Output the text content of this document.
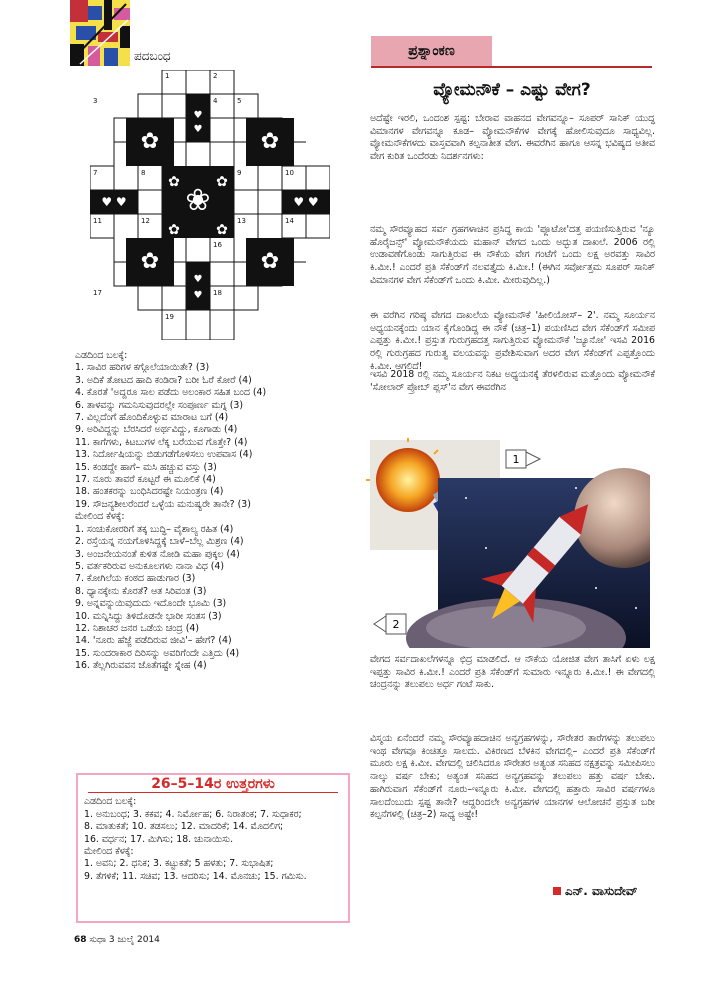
ಪದಬಂಧ
♥
♥
✿	✿
❀
✿	✿
✿	✿
♥ ♥	♥ ♥
✿	✿
♥
♥
1	2
3	4	5
6
7	8	9	10
11	12	13	14
15	16
17	18
19
ಎಡದಿಂದ ಬಲಕ್ಕೆ:
1. ಸಾವಿರ ಹರಿಗಳ ಕಗ್ಗೊಲೆಯಾಯಿತೇ? (3)
3. ಅದಿಕೆ ತೋಟದ ಹಾದಿ ಕಂಡಿರಾ? ಬರೀ ಓರೆ ಕೋರೆ (4)
4. ಕೊರತೆ 'ಅದ್ದರೂ ಸಾಲ ಪಡೆದು ಅಲಂಕಾರ ಸಹಿತ ಬಂದ (4)
6. ತಾಳವನ್ನು ಗಮನಿಸುವುದರಲ್ಲೇ ಸಂಪೂರ್ಣ ಮಗ್ನ (3)
7. ವಿಲ್ಲದೆಂಗೆ ಹೊಂದಿಕೊಳ್ಳುವ ಮಾರಾಟ ಬಗೆ (4)
9. ಅರಿವಿದ್ದನ್ನು ಬೆರಸಿದರೆ ಅರ್ಥವಿದ್ದು, ಕೂಗಾಡು (4)
11. ಕಾಗೆಗಳು, ಕಿಟಬುಗಳ ಲೆಕ್ಕ ಬರೆಯುವ ಗೊತ್ತೇ? (4)
13. ನಿರ್ದೋಷಿಯನ್ನು ಬಿಡುಗಡೆಗೊಳಿಸಲು ಉಪವಾಸ (4)
15. ಕಂಡದ್ದೇ ಹಾಗೆ– ಮಸಿ ಹಚ್ಚುವ ವಸ್ತು (3)
17. ನೂರು ತಾವರೆ ಕೂಟ್ಟರೆ ಈ ಮೂಲಿಕೆ (4)
18. ಹಂತಕರನ್ನು ಬಂಧಿಸಿದರಷ್ಟೇ ನಿಯಂತ್ರಣ (4)
19. ಸೌಜನ್ಯಶೀಲರೆಂದರೆ ಒಳ್ಳೆಯ ಮನುಷ್ಯರೇ ತಾನೇ? (3)
ಮೇಲಿಂದ ಕೆಳಕ್ಕೆ:
1. ಸಂಚುಕೋರರಿಗೆ ತಕ್ಕ ಬುದ್ಧಿ– ವೈಶಾಲ್ಯ ರಹಿತ (4)
2. ರಸ್ತೆಯನ್ನ ನಯಗೊಳಿಸಿದ್ದಕ್ಕೆ ಬಾಳೆ–ಬೆಲ್ಲ ಮಿಶ್ರಣ (4)
3. ಅಂಜನೇಯನಂತೆ ಕುಳಿತ ನೋಡಿ ಮಹಾ ಪುಕ್ಕಲ (4)
5. ವರ್ತಕರಿರುವ ಅನುಕೂಲಗಳು ನಾನಾ ವಿಧ (4)
7. ಕೋಗಿಲೆಯ ಕಂಠದ ಹಾಡುಗಾರ (3)
8. ಧ್ಯಾನಕ್ಕೇನು ಕೊರತೆ? ಆತ ಸಿರಿವಂತ (3)
9. ಅನ್ನವನ್ನುಯಿವುದುದು ಇದೊಂದೇ ಭೂಮಿ (3)
10. ಮನ್ನಿಸಿದ್ದು ತಿಳಿದೊಡನೇ ಭಾರೀ ಸಂತಸ (3)
12. ನಿಶಾಚರ ಜನರ ಒಡೆಯ ಚಂದ್ರ (4)
14. 'ನೂರು ಹೆಜ್ಜೆ ಪಡೆದಿರುವ ಜೀವಿ'– ಹೇಗೆ? (4)
15. ಸುಂದರಾಕಾರ ದಿರಿಸನ್ನು ಅವರಿಗೆಂದೇ ಎತ್ತಿದು (4)
16. ತೆಲ್ಲಗಿರುವವನ ಜೊತೆಗಷ್ಟೇ ಸ್ನೇಹ (4)
26–5–14ರ ಉತ್ತರಗಳು

ಎಡದಿಂದ ಬಲಕ್ಕೆ:

1. ಅನುಬಂಧ; 3. ಕಕವ; 4. ನಿರ್ಮೋಹ; 6. ನಿರಾತಂಕ; 7. ಸುಧಾಕರ;

8. ಮಾತುಕತೆ; 10. ತಡಸಲು; 12. ಮಾದರಿಕೆ; 14. ಮೊದಲಿಗ;

16. ವರ್ಧನ; 17. ಮಿಗಿಸು; 18. ಚುನಾಯಿಸು.

ಮೇಲಿಂದ ಕೆಳಕ್ಕೆ:

1. ಅವನಿ; 2. ಧನಿಕ; 3. ಕಟ್ಟುಕತೆ; 5 ಹಳತು; 7. ಸುಭಾಷಿತ;

9. ತೆಗಳಿಕೆ; 11. ಸಚಿವ; 13. ಆದರಿಸು; 14. ಮೊನಚು; 15. ಗಮಿಸು.

68 ಸುಧಾ 3 ಜುಲೈ 2014
ಪ್ರಶ್ನಾಂಕಣ
ವ್ಯೋಮನೌಕೆ – ಎಷ್ಟು ವೇಗ?

ಅದೆಷ್ಟೇ ಇರಲಿ, ಒಂದಂಶ ಸ್ಪಷ್ಟ: ಬೇರಾವ ವಾಹನದ ವೇಗವನ್ನೂ– ಸೂಪರ್ ಸಾನಿಕ್ ಯುದ್ಧ ವಿಮಾನಗಳ ವೇಗವನ್ನೂ ಕೂಡ– ವ್ಯೋಮನೌಕೆಗಳ ವೇಗಕ್ಕೆ ಹೋಲಿಸುವುದೂ ಸಾಧ್ಯವಿಲ್ಲ. ವ್ಯೋಮನೌಕೆಗಳದು ವಾಸ್ತವವಾಗಿ ಕಲ್ಪನಾತೀತ ವೇಗ. ಈವರೆಗಿನ ಹಾಗೂ ಆಸನ್ನ ಭವಿಷ್ಯದ ಅತೀವ ವೇಗ ಕುರಿತ ಒಂದೆರಡು ನಿದರ್ಶನಗಳು:

ನಮ್ಮ ಸೌರವ್ಯೂಹದ ಸರ್ವ ಗ್ರಹಗಳಾಚಿನ ಪ್ರಸಿದ್ಧ ಕಾಯ 'ಪ್ಲೂಟೋ'ದತ್ತ ಪಯಣಿಸುತ್ತಿರುವ 'ನ್ಯೂ ಹೊರೈಜನ್ಸ್' ವ್ಯೋಮನೌಕೆಯದು ಮಹಾನ್ ವೇಗದ ಒಂದು ಅದ್ಭುತ ದಾಖಲೆ. 2006 ರಲ್ಲಿ ಉಡಾವಣೆಗೊಂಡು ಸಾಗುತ್ತಿರುವ ಈ ನೌಕೆಯ ವೇಗ ಗಂಟೆಗೆ ಒಂದು ಲಕ್ಷ ಅರವತ್ತು ಸಾವಿರ ಕಿ.ಮೀ.! ಎಂದರೆ ಪ್ರತಿ ಸೆಕೆಂಡ್‌ಗೆ ನಲವತ್ತೈದು ಕಿ.ಮೀ.! (ಈಗಿನ ಸರ್ವೋತ್ತಮ ಸೂಪರ್ ಸಾನಿಕ್ ವಿಮಾನಗಳ ವೇಗ ಸೆಕೆಂಡ್‌ಗೆ ಒಂದು ಕಿ.ಮೀ. ಮೀರುವುದಿಲ್ಲ.)

ಈ ವರೆಗಿನ ಗರಿಷ್ಠ ವೇಗದ ದಾಖಲೆಯ ವ್ಯೋಮನೌಕೆ 'ಹೀಲಿಯೋಸ್– 2'. ನಮ್ಮ ಸೂರ್ಯನ ಅಧ್ಯಯನಕ್ಕೆಂದು ಯಾನ ಕೈಗೊಂಡಿದ್ದ ಈ ನೌಕೆ (ಚಿತ್ರ–1) ಪಯಣಿಸಿದ ವೇಗ ಸೆಕೆಂಡ್‌ಗೆ ಸಮೀಪ ಎಪ್ಪತ್ತು ಕಿ.ಮೀ.! ಪ್ರಸ್ತುತ ಗುರುಗ್ರಹದತ್ತ ಸಾಗುತ್ತಿರುವ ವ್ಯೋಮನೌಕೆ 'ಜ್ಯೂನೋ' ಇಸವಿ 2016 ರಲ್ಲಿ ಗುರುಗ್ರಹದ ಗುರುತ್ವ ವಲಯವನ್ನು ಪ್ರವೇಶಿಸುವಾಗ ಅದರ ವೇಗ ಸೆಕೆಂಡ್‌ಗೆ ಎಪ್ಪತ್ತೊಂದು ಕಿ.ಮೀ. ಆಗಲಿದೆ!

ಇಸವಿ 2018 ರಲ್ಲಿ ನಮ್ಮ ಸೂರ್ಯನ ನಿಕಟ ಅಧ್ಯಯನಕ್ಕೆ ತೆರಳಲಿರುವ ಮತ್ತೊಂದು ವ್ಯೋಮನೌಕೆ 'ಸೋಲಾರ್ ಪ್ರೋಬ್ ಪ್ಲಸ್'ನ ವೇಗ ಈವರೆಗಿನ

1
2

ವೇಗದ ಸರ್ವದಾಖಲೆಗಳನ್ನೂ ಛಿದ್ರ ಮಾಡಲಿದೆ. ಆ ನೌಕೆಯ ಯೋಜಿತ ವೇಗ ತಾಸಿಗೆ ಏಳು ಲಕ್ಷ ಇಪ್ಪತ್ತು ಸಾವಿರ ಕಿ.ಮೀ.! ಎಂದರೆ ಪ್ರತಿ ಸೆಕೆಂಡ್‌ಗೆ ಸುಮಾರು ಇನ್ನೂರು ಕಿ.ಮೀ.! ಈ ವೇಗದಲ್ಲಿ ಚಂದ್ರನನ್ನು ತಲುಪಲು ಅರ್ಧ ಗಂಟೆ ಸಾಕು.

ವಿಸ್ಮಯ ಏನೆಂದರೆ ನಮ್ಮ ಸೌರವ್ಯೂಹದಾಚಿನ ಅನ್ಯಗ್ರಹಗಳನ್ನು, ಸೌರೇತರ ತಾರೆಗಳನ್ನು ತಲುಪಲು ಇಂಥ ವೇಗವೂ ಕಿಂಚಿತ್ತೂ ಸಾಲದು. ವಿಕಿರಣದ ಬೆಳಕಿನ ವೇಗದಲ್ಲಿ– ಎಂದರೆ ಪ್ರತಿ ಸೆಕೆಂಡ್‌ಗೆ ಮೂರು ಲಕ್ಷ ಕಿ.ಮೀ. ವೇಗದಲ್ಲಿ ಚಲಿಸಿದರೂ ಸೌರೇತರ ಅತ್ಯಂತ ಸನಿಹದ ನಕ್ಷತ್ರವನ್ನು ಸಮೀಪಿಸಲು ನಾಲ್ಕು ವರ್ಷ ಬೇಕು; ಅತ್ಯಂತ ಸನಿಹದ ಅನ್ಯಗ್ರಹವನ್ನು ತಲುಪಲು ಹತ್ತು ವರ್ಷ ಬೇಕು. ಹಾಗಿರುವಾಗ ಸೆಕೆಂಡ್‌ಗೆ ನೂರು–ಇನ್ನೂರು ಕಿ.ಮೀ. ವೇಗದಲ್ಲಿ ಹತ್ತಾರು ಸಾವಿರ ವರ್ಷಗಳೂ ಸಾಲದೆಂಬುದು ಸ್ಪಷ್ಟ ತಾನೇ? ಆದ್ದರಿಂದಲೇ ಅನ್ಯಗ್ರಹಗಳ ಯಾನಗಳ ಆಲೋಚನೆ ಪ್ರಸ್ತುತ ಬರೀ ಕಲ್ಪನೆಗಳಲ್ಲಿ (ಚಿತ್ರ–2) ಸಾಧ್ಯ ಅಷ್ಟೇ!

ಎನ್. ವಾಸುದೇವ್
